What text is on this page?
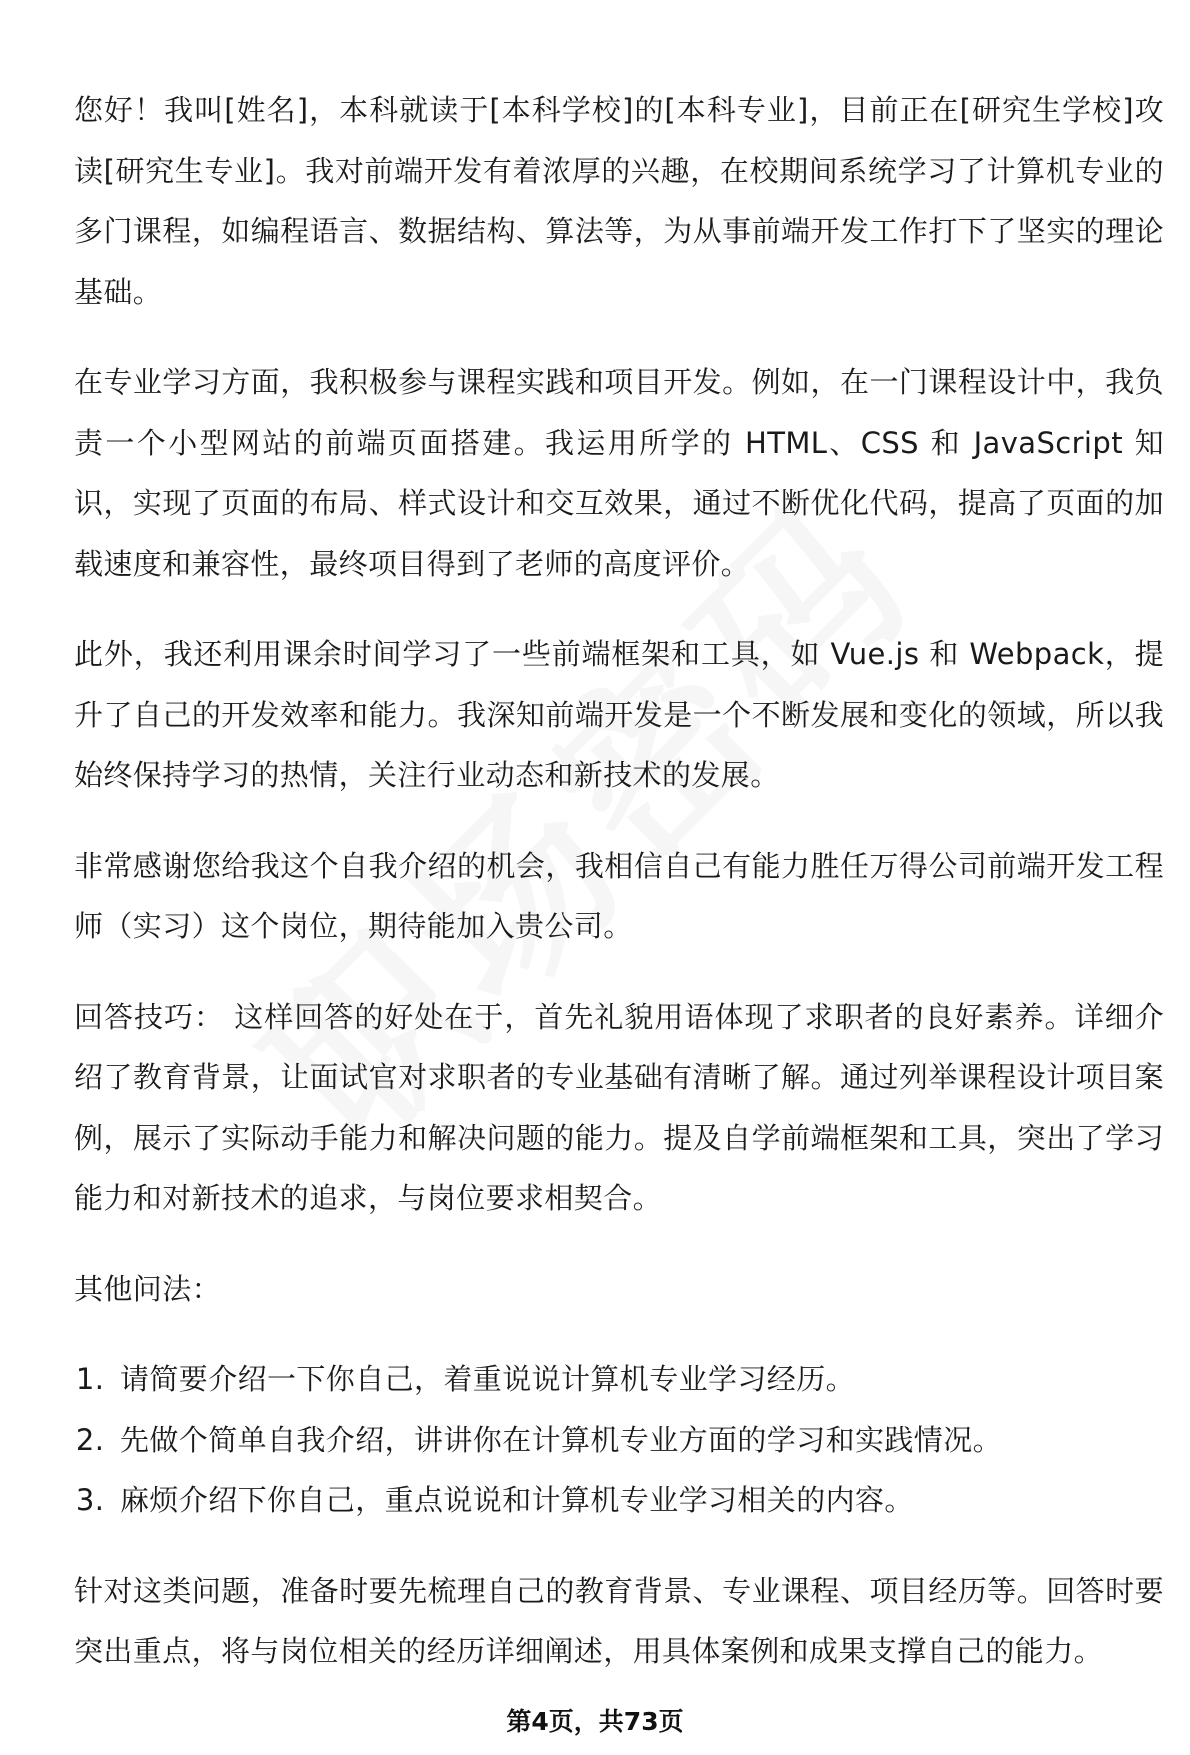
您好！我叫[姓名]，本科就读于[本科学校]的[本科专业]，目前正在[研究生学校]攻读[研究生专业]。我对前端开发有着浓厚的兴趣，在校期间系统学习了计算机专业的多门课程，如编程语言、数据结构、算法等，为从事前端开发工作打下了坚实的理论基础。

在专业学习方面，我积极参与课程实践和项目开发。例如，在一门课程设计中，我负责一个小型网站的前端页面搭建。我运用所学的 HTML、CSS 和 JavaScript 知识，实现了页面的布局、样式设计和交互效果，通过不断优化代码，提高了页面的加载速度和兼容性，最终项目得到了老师的高度评价。

此外，我还利用课余时间学习了一些前端框架和工具，如 Vue.js 和 Webpack，提升了自己的开发效率和能力。我深知前端开发是一个不断发展和变化的领域，所以我始终保持学习的热情，关注行业动态和新技术的发展。

非常感谢您给我这个自我介绍的机会，我相信自己有能力胜任万得公司前端开发工程师（实习）这个岗位，期待能加入贵公司。

回答技巧： 这样回答的好处在于，首先礼貌用语体现了求职者的良好素养。详细介绍了教育背景，让面试官对求职者的专业基础有清晰了解。通过列举课程设计项目案例，展示了实际动手能力和解决问题的能力。提及自学前端框架和工具，突出了学习能力和对新技术的追求，与岗位要求相契合。

其他问法：

1. 请简要介绍一下你自己，着重说说计算机专业学习经历。
2. 先做个简单自我介绍，讲讲你在计算机专业方面的学习和实践情况。
3. 麻烦介绍下你自己，重点说说和计算机专业学习相关的内容。

针对这类问题，准备时要先梳理自己的教育背景、专业课程、项目经历等。回答时要突出重点，将与岗位相关的经历详细阐述，用具体案例和成果支撑自己的能力。

第4页，共73页
